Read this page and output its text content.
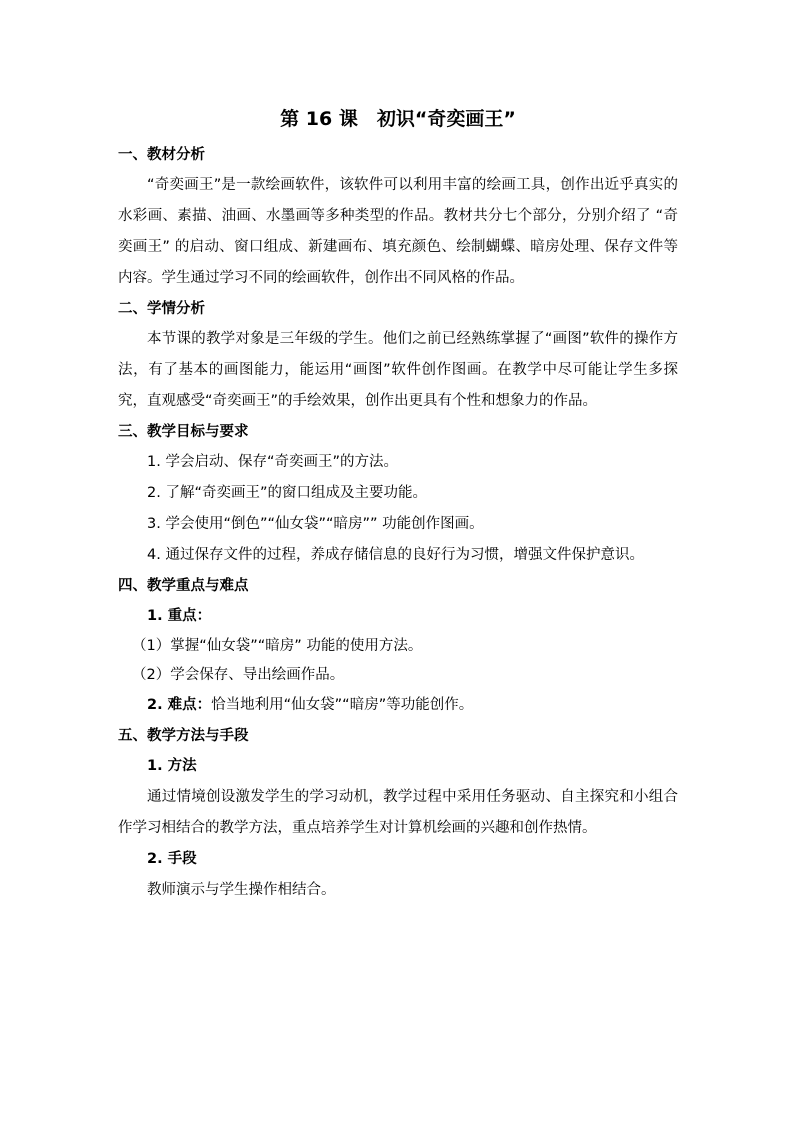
第 16 课　初识“奇奕画王”
一、教材分析

“奇奕画王”是一款绘画软件，该软件可以利用丰富的绘画工具，创作出近乎真实的水彩画、素描、油画、水墨画等多种类型的作品。教材共分七个部分，分别介绍了 “奇奕画王” 的启动、窗口组成、新建画布、填充颜色、绘制蝴蝶、暗房处理、保存文件等内容。学生通过学习不同的绘画软件，创作出不同风格的作品。

二、学情分析

本节课的教学对象是三年级的学生。他们之前已经熟练掌握了“画图”软件的操作方法，有了基本的画图能力，能运用“画图”软件创作图画。在教学中尽可能让学生多探究，直观感受“奇奕画王”的手绘效果，创作出更具有个性和想象力的作品。

三、教学目标与要求

1. 学会启动、保存“奇奕画王”的方法。

2. 了解“奇奕画王”的窗口组成及主要功能。

3. 学会使用“倒色”“仙女袋”“暗房”” 功能创作图画。

4. 通过保存文件的过程，养成存储信息的良好行为习惯，增强文件保护意识。

四、教学重点与难点

1. 重点：

（1）掌握“仙女袋”“暗房” 功能的使用方法。

（2）学会保存、导出绘画作品。

2. 难点：恰当地利用“仙女袋”“暗房”等功能创作。

五、教学方法与手段

1. 方法

通过情境创设激发学生的学习动机，教学过程中采用任务驱动、自主探究和小组合作学习相结合的教学方法，重点培养学生对计算机绘画的兴趣和创作热情。

2. 手段

教师演示与学生操作相结合。
